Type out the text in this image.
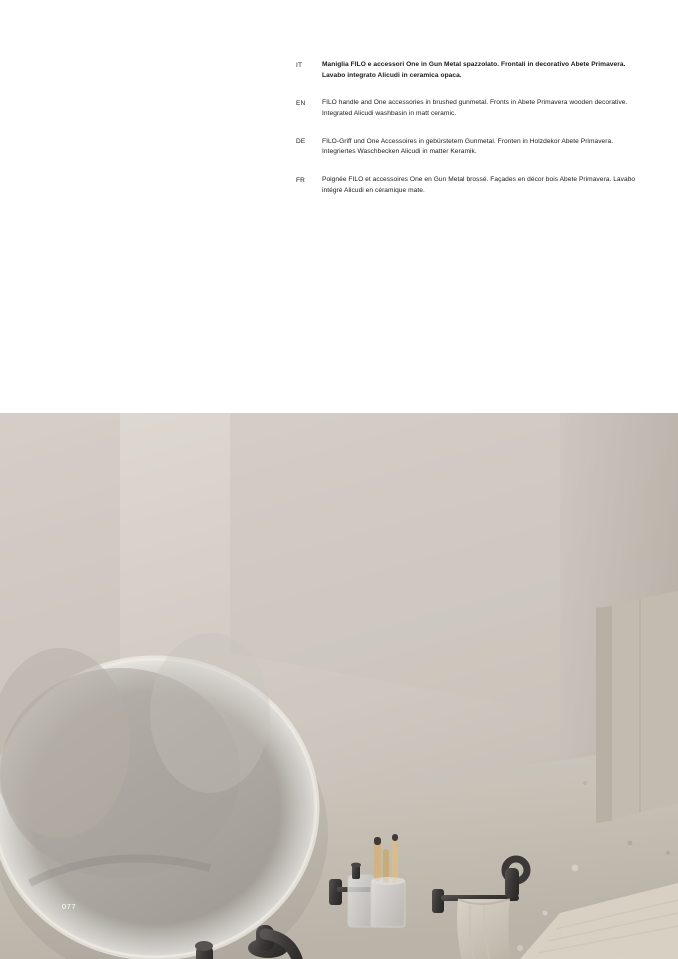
IT	Maniglia FILO e accessori One in Gun Metal spazzolato. Frontali in decorativo Abete Primavera. Lavabo integrato Alicudi in ceramica opaca.
EN	FILO handle and One accessories in brushed gunmetal. Fronts in Abete Primavera wooden decorative. Integrated Alicudi washbasin in matt ceramic.
DE	FILO-Griff und One Accessoires in gebürstetem Gunmetal. Fronten in Holzdekor Abete Primavera. Integriertes Waschbecken Alicudi in matter Keramik.
FR	Poignée FILO et accessoires One en Gun Metal brossé. Façades en décor bois Abete Primavera. Lavabo intégré Alicudi en céramique mate.
077
